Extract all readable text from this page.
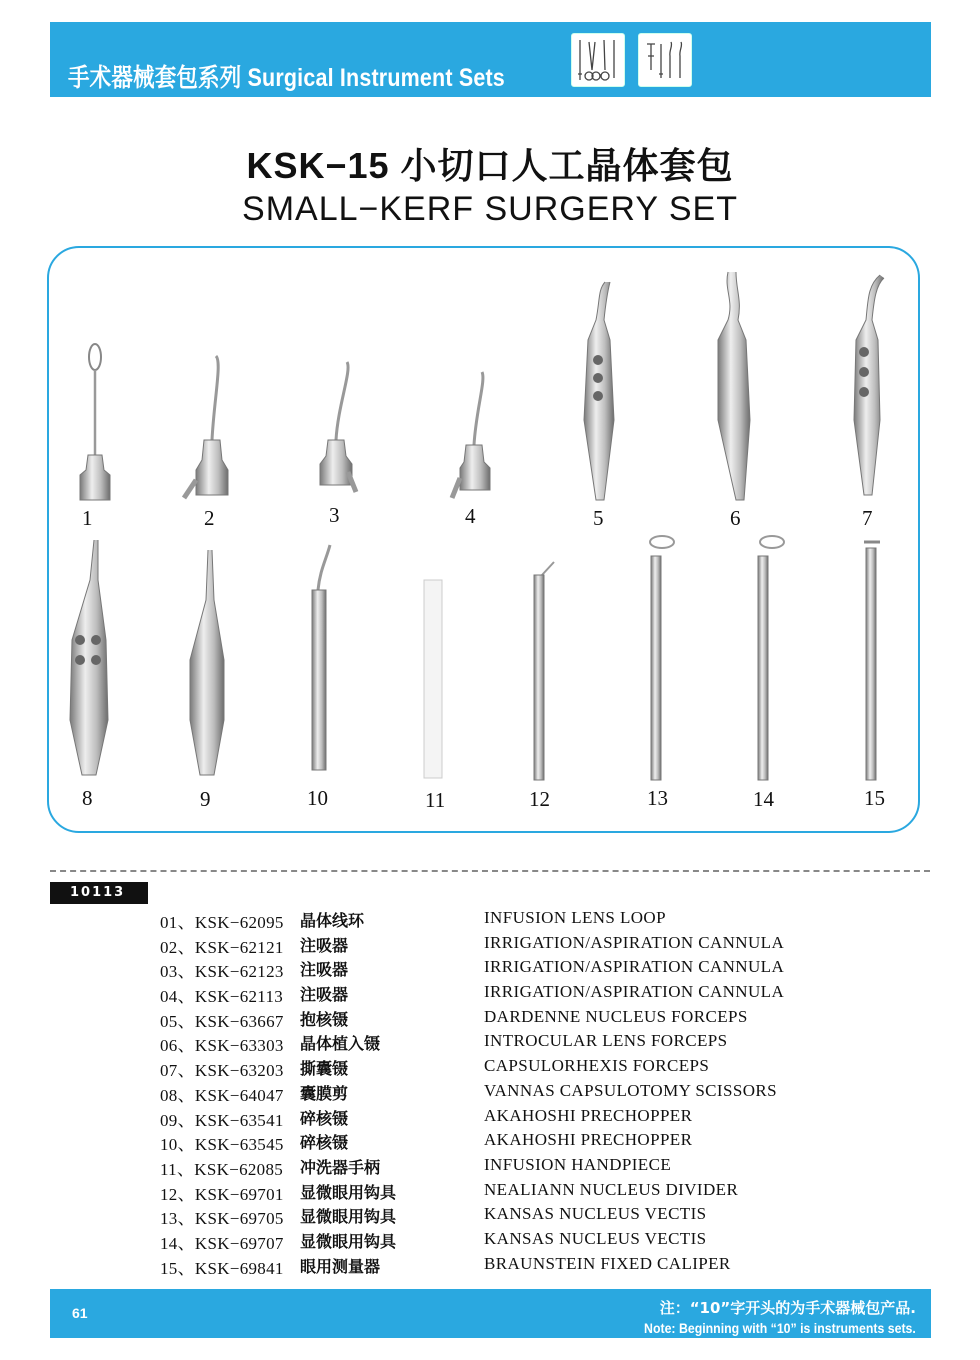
手术器械套包系列 Surgical Instrument Sets
KSK−15 小切口人工晶体套包
SMALL−KERF SURGERY SET
1	2	3	4	5	6	7
8	9	10	11	12	13	14	15
10113
01、KSK−62095 晶体线环	INFUSION LENS LOOP
02、KSK−62121 注吸器	IRRIGATION/ASPIRATION CANNULA
03、KSK−62123 注吸器	IRRIGATION/ASPIRATION CANNULA
04、KSK−62113 注吸器	IRRIGATION/ASPIRATION CANNULA
05、KSK−63667 抱核镊	DARDENNE NUCLEUS FORCEPS
06、KSK−63303 晶体植入镊	INTROCULAR LENS FORCEPS
07、KSK−63203 撕囊镊	CAPSULORHEXIS FORCEPS
08、KSK−64047 囊膜剪	VANNAS CAPSULOTOMY SCISSORS
09、KSK−63541 碎核镊	AKAHOSHI PRECHOPPER
10、KSK−63545 碎核镊	AKAHOSHI PRECHOPPER
11、KSK−62085 冲洗器手柄	INFUSION HANDPIECE
12、KSK−69701 显微眼用钩具	NEALIANN NUCLEUS DIVIDER
13、KSK−69705 显微眼用钩具	KANSAS NUCLEUS VECTIS
14、KSK−69707 显微眼用钩具	KANSAS NUCLEUS VECTIS
15、KSK−69841 眼用测量器	BRAUNSTEIN FIXED CALIPER
61	注：“10”字开头的为手术器械包产品.
Note: Beginning with “10” is instruments sets.
